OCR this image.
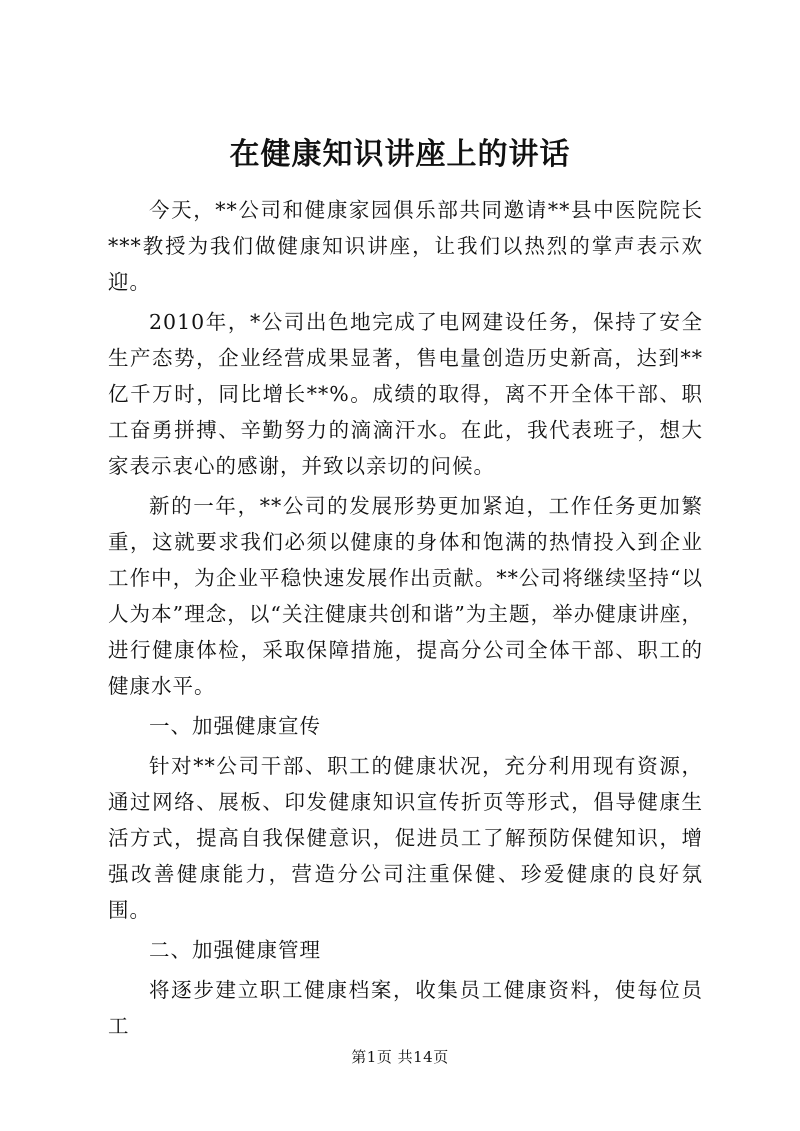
在健康知识讲座上的讲话

今天，**公司和健康家园俱乐部共同邀请**县中医院院长***教授为我们做健康知识讲座，让我们以热烈的掌声表示欢迎。

2010年，*公司出色地完成了电网建设任务，保持了安全生产态势，企业经营成果显著，售电量创造历史新高，达到**亿千万时，同比增长**%。成绩的取得，离不开全体干部、职工奋勇拼搏、辛勤努力的滴滴汗水。在此，我代表班子，想大家表示衷心的感谢，并致以亲切的问候。

新的一年，**公司的发展形势更加紧迫，工作任务更加繁重，这就要求我们必须以健康的身体和饱满的热情投入到企业工作中，为企业平稳快速发展作出贡献。**公司将继续坚持“以人为本”理念，以“关注健康共创和谐”为主题，举办健康讲座，进行健康体检，采取保障措施，提高分公司全体干部、职工的健康水平。

一、加强健康宣传

针对**公司干部、职工的健康状况，充分利用现有资源，通过网络、展板、印发健康知识宣传折页等形式，倡导健康生活方式，提高自我保健意识，促进员工了解预防保健知识，增强改善健康能力，营造分公司注重保健、珍爱健康的良好氛围。

二、加强健康管理

将逐步建立职工健康档案，收集员工健康资料，使每位员工

第1页 共14页
